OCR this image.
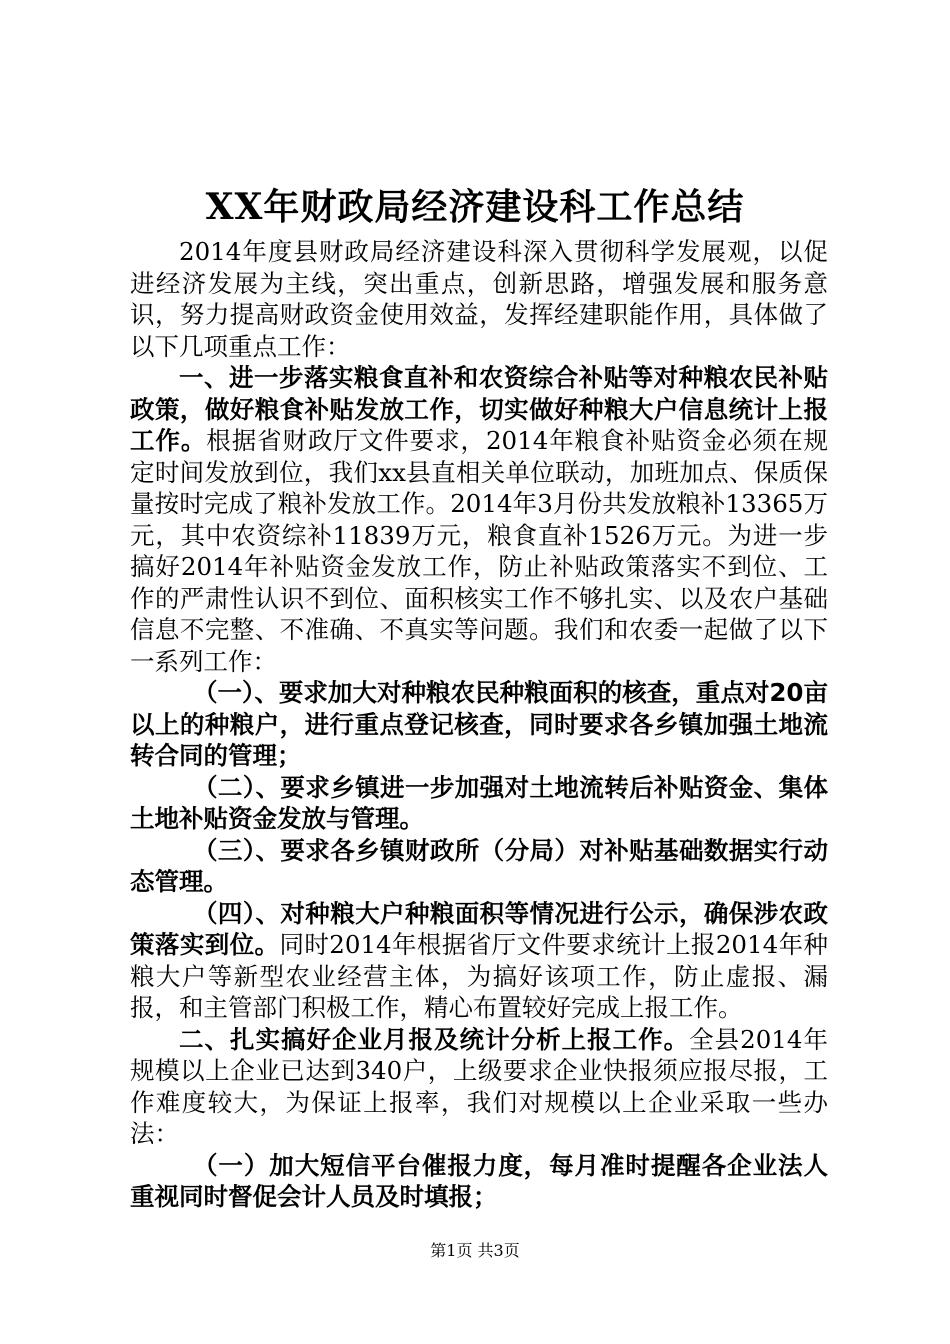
XX年财政局经济建设科工作总结

2014年度县财政局经济建设科深入贯彻科学发展观，以促进经济发展为主线，突出重点，创新思路，增强发展和服务意识，努力提高财政资金使用效益，发挥经建职能作用，具体做了以下几项重点工作：

一、进一步落实粮食直补和农资综合补贴等对种粮农民补贴政策，做好粮食补贴发放工作，切实做好种粮大户信息统计上报工作。根据省财政厅文件要求，2014年粮食补贴资金必须在规定时间发放到位，我们xx县直相关单位联动，加班加点、保质保量按时完成了粮补发放工作。2014年3月份共发放粮补13365万元，其中农资综补11839万元，粮食直补1526万元。为进一步搞好2014年补贴资金发放工作，防止补贴政策落实不到位、工作的严肃性认识不到位、面积核实工作不够扎实、以及农户基础信息不完整、不准确、不真实等问题。我们和农委一起做了以下一系列工作：

（一）、要求加大对种粮农民种粮面积的核查，重点对20亩以上的种粮户，进行重点登记核查，同时要求各乡镇加强土地流转合同的管理；

（二）、要求乡镇进一步加强对土地流转后补贴资金、集体土地补贴资金发放与管理。

（三）、要求各乡镇财政所（分局）对补贴基础数据实行动态管理。

（四）、对种粮大户种粮面积等情况进行公示，确保涉农政策落实到位。同时2014年根据省厅文件要求统计上报2014年种粮大户等新型农业经营主体，为搞好该项工作，防止虚报、漏报，和主管部门积极工作，精心布置较好完成上报工作。

二、扎实搞好企业月报及统计分析上报工作。全县2014年规模以上企业已达到340户，上级要求企业快报须应报尽报，工作难度较大，为保证上报率，我们对规模以上企业采取一些办法：

（一）加大短信平台催报力度，每月准时提醒各企业法人重视同时督促会计人员及时填报；

第1页 共3页
